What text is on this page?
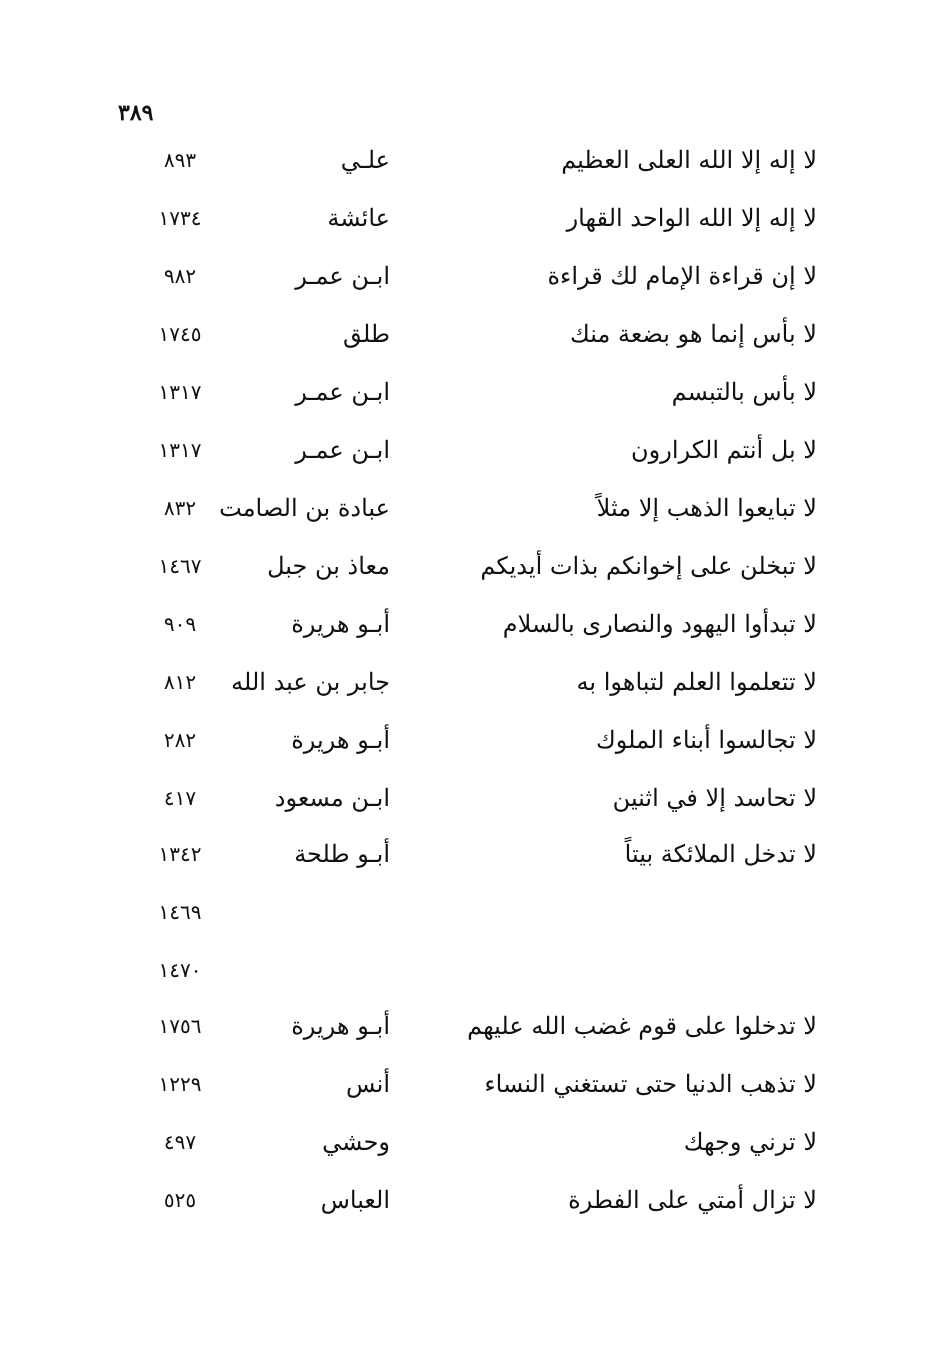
٣٨٩
لا إله إلا الله العلى العظيم
علـي
٨٩٣
لا إله إلا الله الواحد القهار
عائشة
١٧٣٤
لا إن قراءة الإمام لك قراءة
ابـن عمـر
٩٨٢
لا بأس إنما هو بضعة منك
طلق
١٧٤٥
لا بأس بالتبسم
ابـن عمـر
١٣١٧
لا بل أنتم الكرارون
ابـن عمـر
١٣١٧
لا تبايعوا الذهب إلا مثلاً
عبادة بن الصامت
٨٣٢
لا تبخلن على إخوانكم بذات أيديكم
معاذ بن جبل
١٤٦٧
لا تبدأوا اليهود والنصارى بالسلام
أبـو هريرة
٩٠٩
لا تتعلموا العلم لتباهوا به
جابر بن عبد الله
٨١٢
لا تجالسوا أبناء الملوك
أبـو هريرة
٢٨٢
لا تحاسد إلا في اثنين
ابـن مسعود
٤١٧
لا تدخل الملائكة بيتاً
أبـو طلحة
١٣٤٢
١٤٦٩
١٤٧٠
لا تدخلوا على قوم غضب الله عليهم
أبـو هريرة
١٧٥٦
لا تذهب الدنيا حتى تستغني النساء
أنس
١٢٢٩
لا ترني وجهك
وحشي
٤٩٧
لا تزال أمتي على الفطرة
العباس
٥٢٥
